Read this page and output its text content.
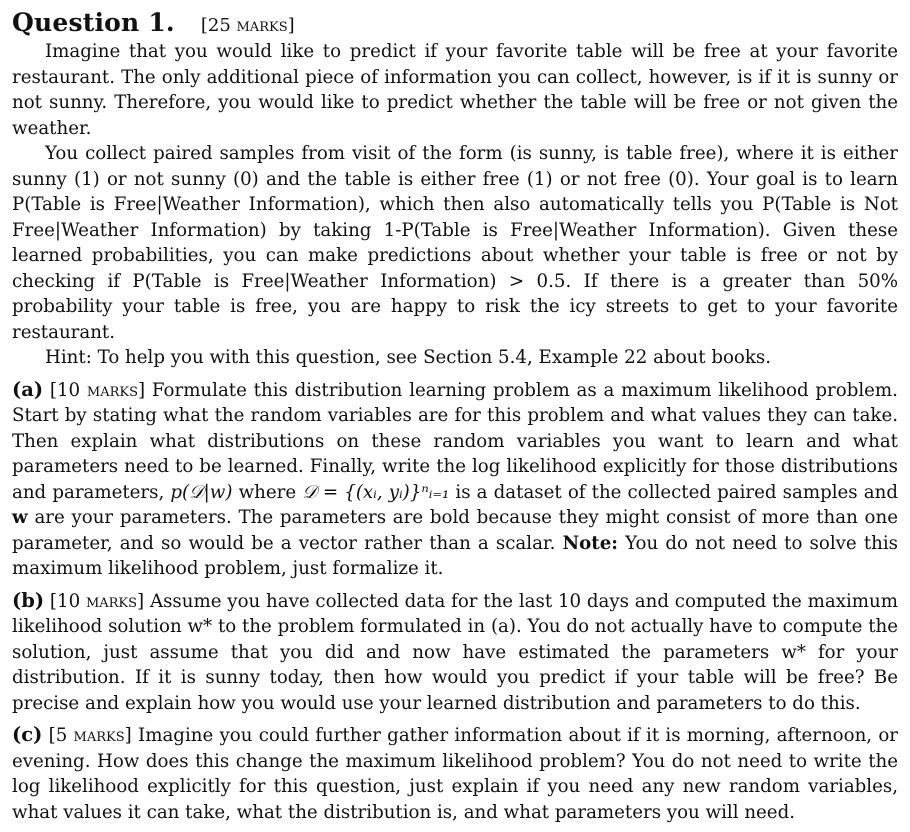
Question 1. [25 marks]

Imagine that you would like to predict if your favorite table will be free at your favorite restaurant. The only additional piece of information you can collect, however, is if it is sunny or not sunny. Therefore, you would like to predict whether the table will be free or not given the weather.

You collect paired samples from visit of the form (is sunny, is table free), where it is either sunny (1) or not sunny (0) and the table is either free (1) or not free (0). Your goal is to learn P(Table is Free|Weather Information), which then also automatically tells you P(Table is Not Free|Weather Information) by taking 1-P(Table is Free|Weather Information). Given these learned probabilities, you can make predictions about whether your table is free or not by checking if P(Table is Free|Weather Information) > 0.5. If there is a greater than 50% probability your table is free, you are happy to risk the icy streets to get to your favorite restaurant.

Hint: To help you with this question, see Section 5.4, Example 22 about books.

(a) [10 marks] Formulate this distribution learning problem as a maximum likelihood problem. Start by stating what the random variables are for this problem and what values they can take. Then explain what distributions on these random variables you want to learn and what parameters need to be learned. Finally, write the log likelihood explicitly for those distributions and parameters, p(𝒟|w) where 𝒟 = {(xᵢ, yᵢ)}ⁿᵢ₌₁ is a dataset of the collected paired samples and w are your parameters. The parameters are bold because they might consist of more than one parameter, and so would be a vector rather than a scalar. Note: You do not need to solve this maximum likelihood problem, just formalize it.

(b) [10 marks] Assume you have collected data for the last 10 days and computed the maximum likelihood solution w* to the problem formulated in (a). You do not actually have to compute the solution, just assume that you did and now have estimated the parameters w* for your distribution. If it is sunny today, then how would you predict if your table will be free? Be precise and explain how you would use your learned distribution and parameters to do this.

(c) [5 marks] Imagine you could further gather information about if it is morning, afternoon, or evening. How does this change the maximum likelihood problem? You do not need to write the log likelihood explicitly for this question, just explain if you need any new random variables, what values it can take, what the distribution is, and what parameters you will need.
